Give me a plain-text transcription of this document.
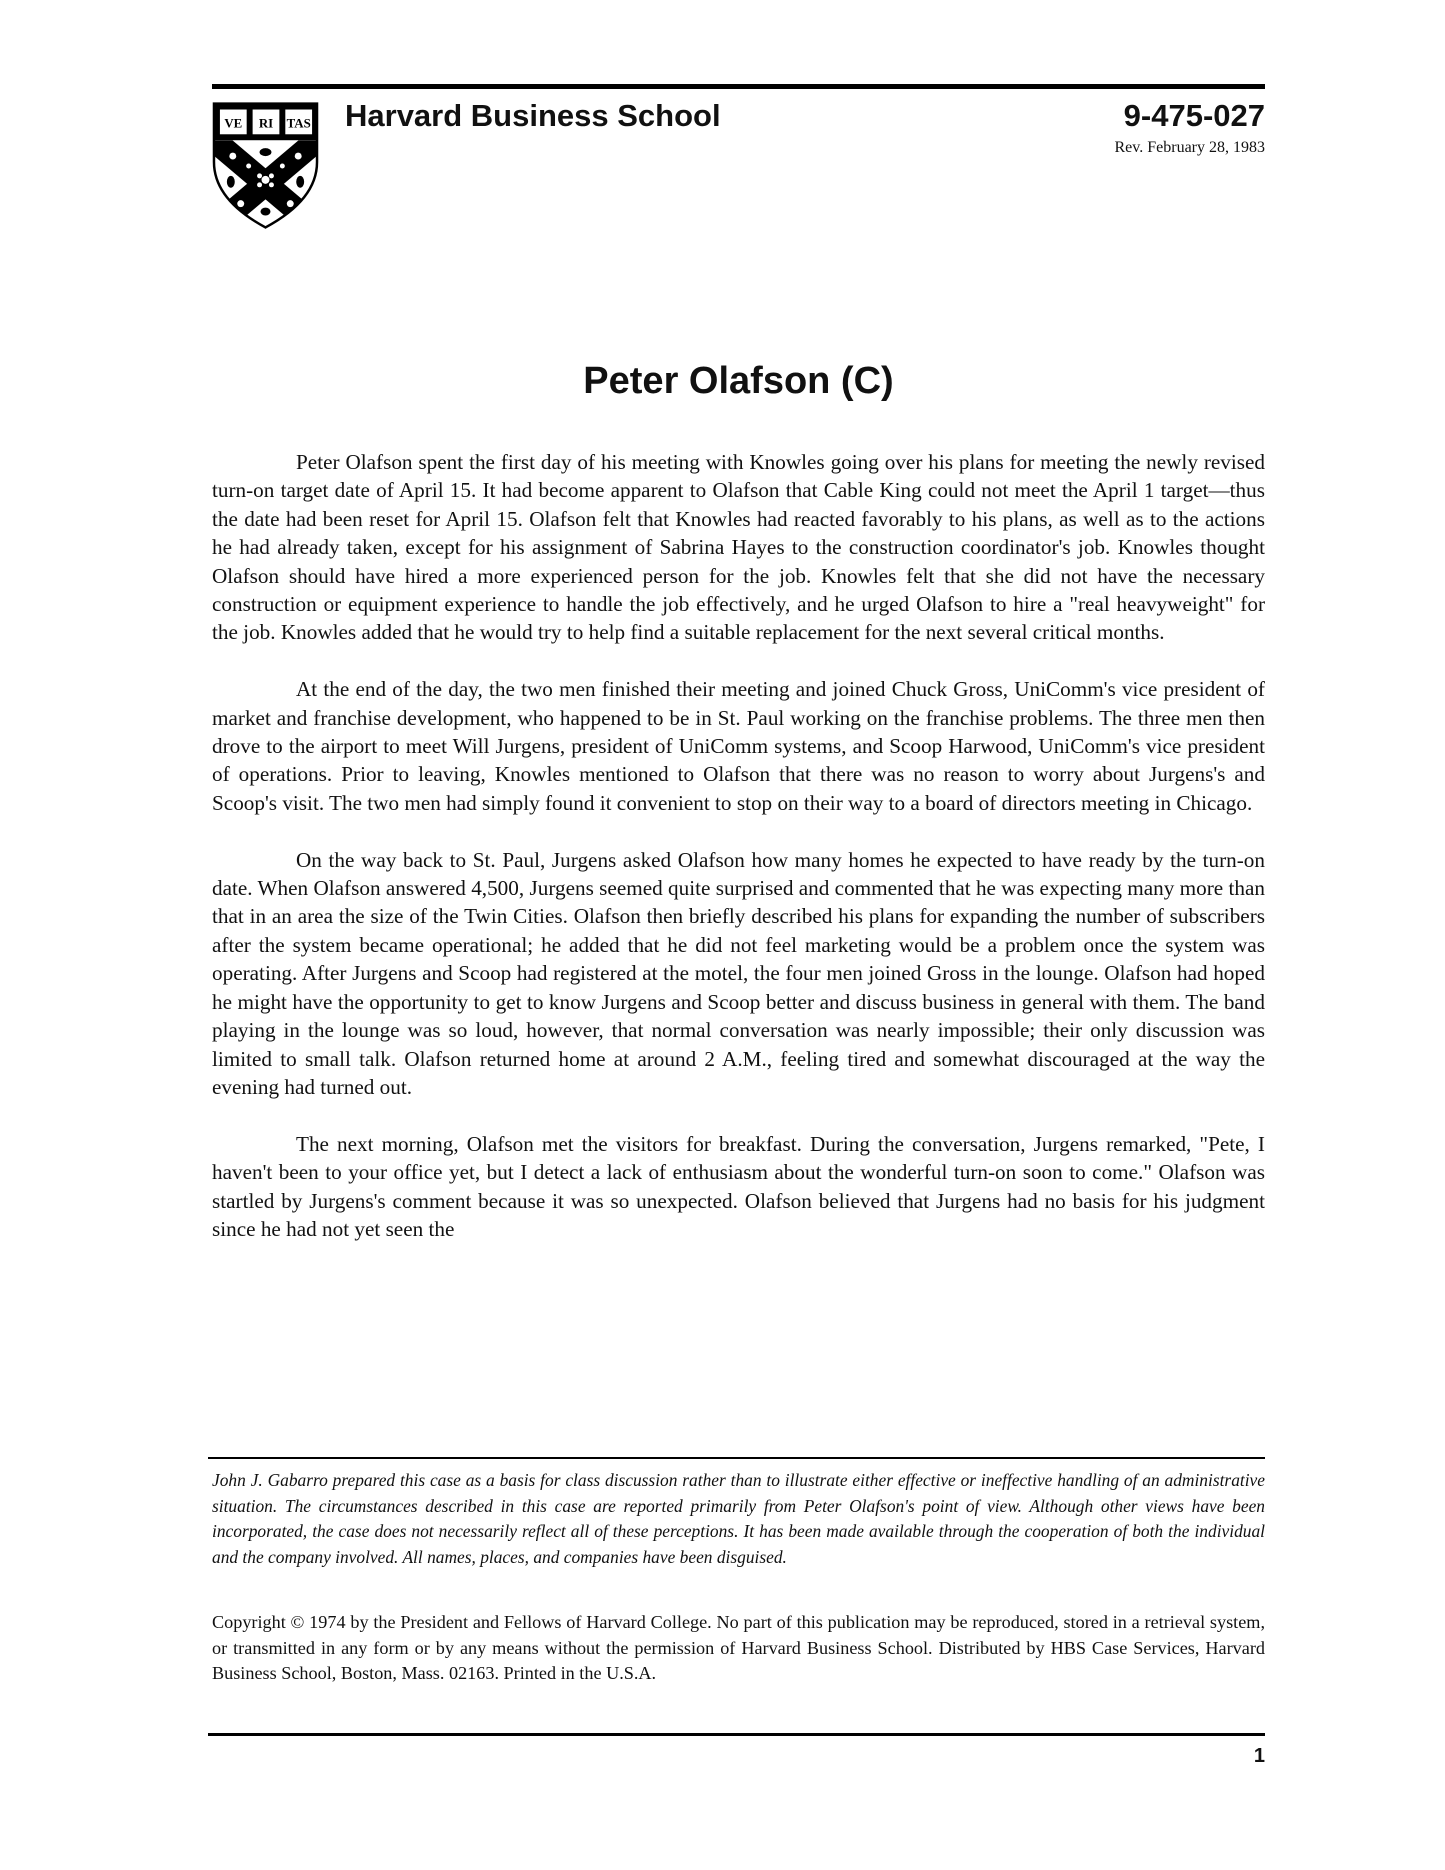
VE RI TAS Harvard Business School	9-475-027
Rev. February 28, 1983
Peter Olafson (C)

Peter Olafson spent the first day of his meeting with Knowles going over his plans for meeting the newly revised turn-on target date of April 15. It had become apparent to Olafson that Cable King could not meet the April 1 target—thus the date had been reset for April 15. Olafson felt that Knowles had reacted favorably to his plans, as well as to the actions he had already taken, except for his assignment of Sabrina Hayes to the construction coordinator's job. Knowles thought Olafson should have hired a more experienced person for the job. Knowles felt that she did not have the necessary construction or equipment experience to handle the job effectively, and he urged Olafson to hire a "real heavyweight" for the job. Knowles added that he would try to help find a suitable replacement for the next several critical months.

At the end of the day, the two men finished their meeting and joined Chuck Gross, UniComm's vice president of market and franchise development, who happened to be in St. Paul working on the franchise problems. The three men then drove to the airport to meet Will Jurgens, president of UniComm systems, and Scoop Harwood, UniComm's vice president of operations. Prior to leaving, Knowles mentioned to Olafson that there was no reason to worry about Jurgens's and Scoop's visit. The two men had simply found it convenient to stop on their way to a board of directors meeting in Chicago.

On the way back to St. Paul, Jurgens asked Olafson how many homes he expected to have ready by the turn-on date. When Olafson answered 4,500, Jurgens seemed quite surprised and commented that he was expecting many more than that in an area the size of the Twin Cities. Olafson then briefly described his plans for expanding the number of subscribers after the system became operational; he added that he did not feel marketing would be a problem once the system was operating. After Jurgens and Scoop had registered at the motel, the four men joined Gross in the lounge. Olafson had hoped he might have the opportunity to get to know Jurgens and Scoop better and discuss business in general with them. The band playing in the lounge was so loud, however, that normal conversation was nearly impossible; their only discussion was limited to small talk. Olafson returned home at around 2 A.M., feeling tired and somewhat discouraged at the way the evening had turned out.

The next morning, Olafson met the visitors for breakfast. During the conversation, Jurgens remarked, "Pete, I haven't been to your office yet, but I detect a lack of enthusiasm about the wonderful turn-on soon to come." Olafson was startled by Jurgens's comment because it was so unexpected. Olafson believed that Jurgens had no basis for his judgment since he had not yet seen the

John J. Gabarro prepared this case as a basis for class discussion rather than to illustrate either effective or ineffective handling of an administrative situation. The circumstances described in this case are reported primarily from Peter Olafson's point of view. Although other views have been incorporated, the case does not necessarily reflect all of these perceptions. It has been made available through the cooperation of both the individual and the company involved. All names, places, and companies have been disguised.

Copyright © 1974 by the President and Fellows of Harvard College. No part of this publication may be reproduced, stored in a retrieval system, or transmitted in any form or by any means without the permission of Harvard Business School. Distributed by HBS Case Services, Harvard Business School, Boston, Mass. 02163. Printed in the U.S.A.

1
